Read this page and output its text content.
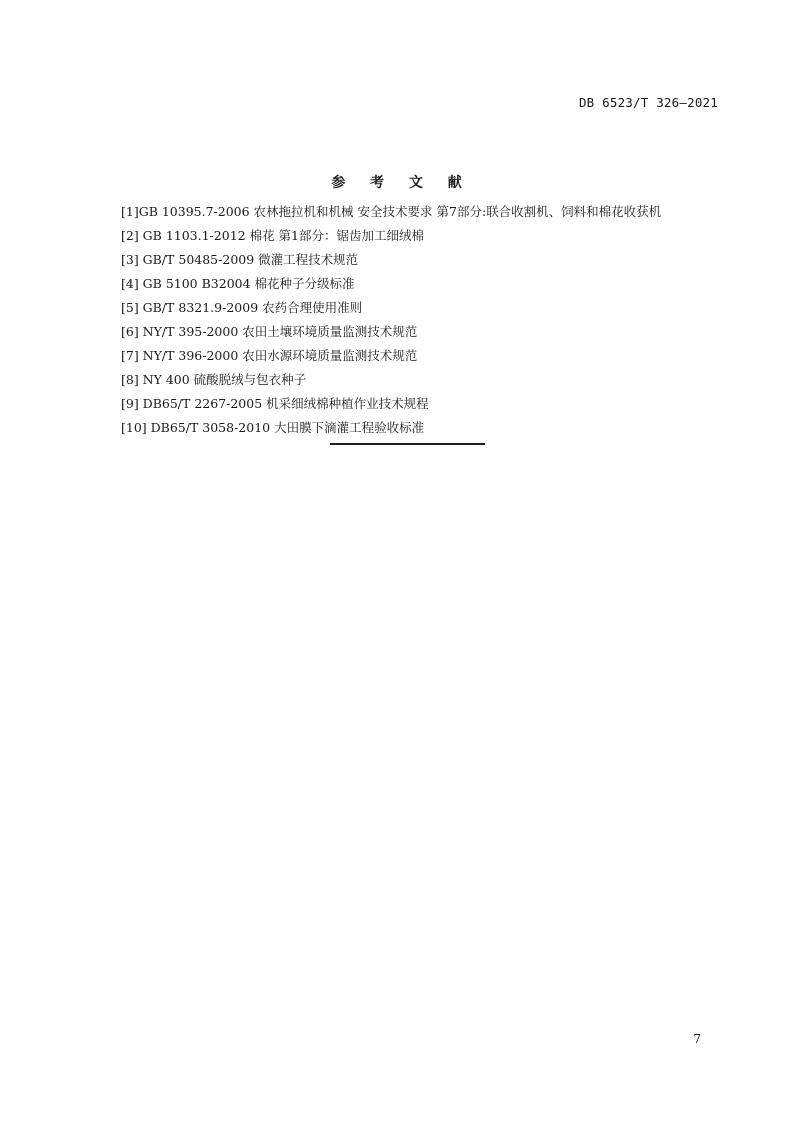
DB 6523/T 326—2021
参 考 文 献
[1]GB 10395.7-2006 农林拖拉机和机械 安全技术要求 第7部分:联合收割机、饲料和棉花收获机
[2] GB 1103.1-2012 棉花 第1部分：锯齿加工细绒棉
[3] GB/T 50485-2009 微灌工程技术规范
[4] GB 5100 B32004 棉花种子分级标准
[5] GB/T 8321.9-2009 农药合理使用准则
[6] NY/T 395-2000 农田土壤环境质量监测技术规范
[7] NY/T 396-2000 农田水源环境质量监测技术规范
[8] NY 400 硫酸脱绒与包衣种子
[9] DB65/T 2267-2005 机采细绒棉种植作业技术规程
[10] DB65/T 3058-2010 大田膜下滴灌工程验收标准
7
